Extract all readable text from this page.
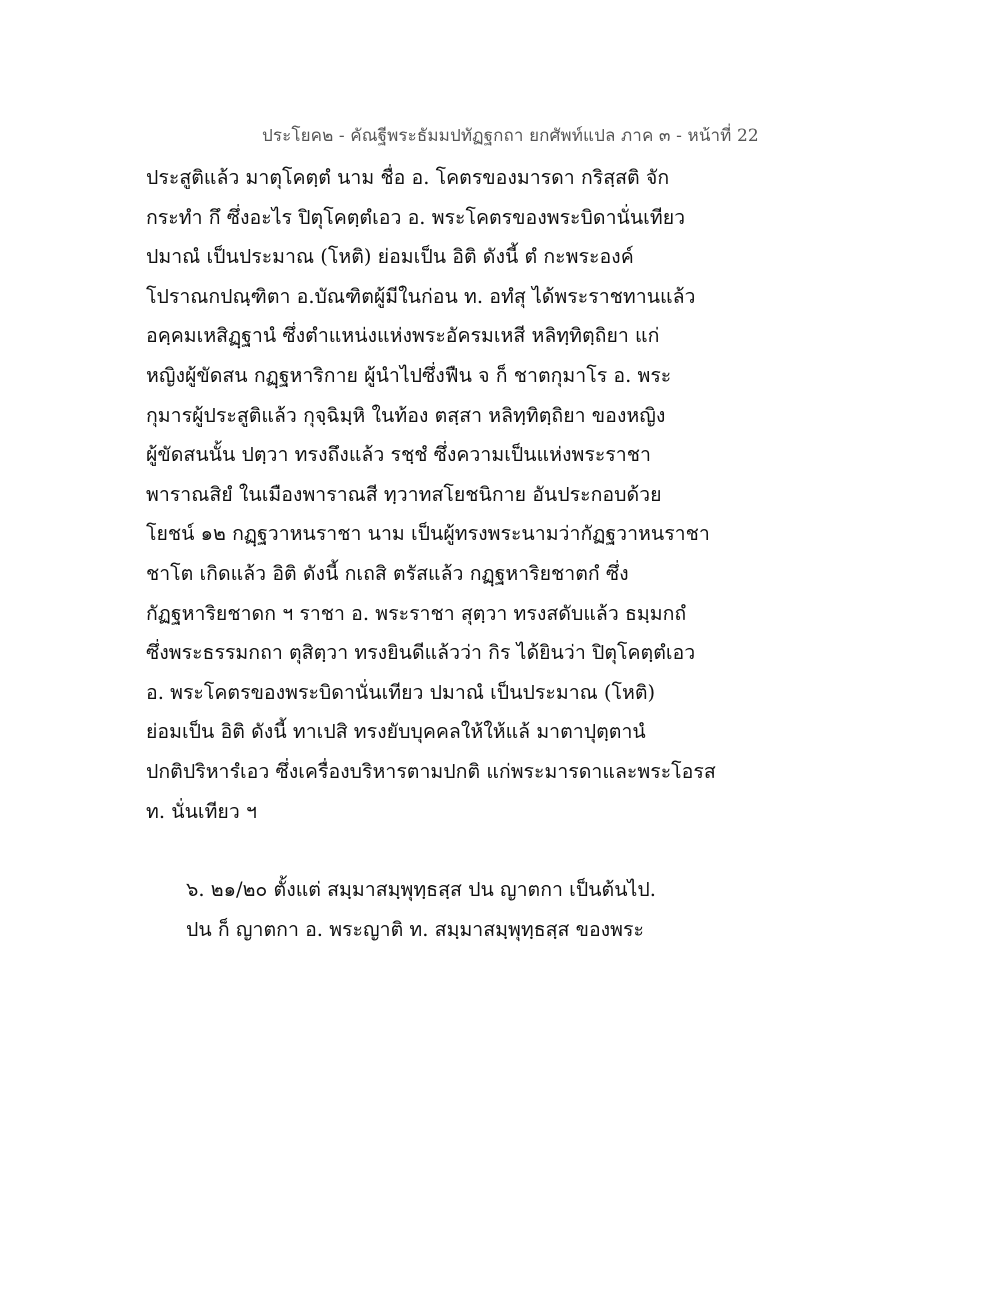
ประโยค๒ - คัณฐีพระธัมมปทัฏฐกถา ยกศัพท์แปล ภาค ๓ - หน้าที่ 22
ประสูติแล้ว มาตุโคตฺตํ นาม ชื่อ อ. โคตรของมารดา กริสฺสติ จัก
กระทำ กึ ซึ่งอะไร ปิตุโคตฺตํเอว อ. พระโคตรของพระบิดานั่นเทียว
ปมาณํ เป็นประมาณ (โหติ) ย่อมเป็น อิติ ดังนี้ ตํ กะพระองค์
โปราณกปณฺฑิตา อ.บัณฑิตผู้มีในก่อน ท. อทํสุ ได้พระราชทานแล้ว
อคฺคมเหสิฏฺฐานํ ซึ่งตำแหน่งแห่งพระอัครมเหสี หลิทฺทิตฺถิยา แก่
หญิงผู้ขัดสน กฏฺฐหาริกาย ผู้นำไปซึ่งฟืน จ ก็ ชาตกุมาโร อ. พระ
กุมารผู้ประสูติแล้ว กุจฺฉิมฺหิ ในท้อง ตสฺสา หลิทฺทิตฺถิยา ของหญิง
ผู้ขัดสนนั้น ปตฺวา ทรงถึงแล้ว รชฺชํ ซึ่งความเป็นแห่งพระราชา
พาราณสิยํ ในเมืองพาราณสี ทฺวาทสโยชนิกาย อันประกอบด้วย
โยชน์ ๑๒ กฏฺฐวาหนราชา นาม เป็นผู้ทรงพระนามว่ากัฏฐวาหนราชา
ชาโต เกิดแล้ว อิติ ดังนี้ กเถสิ ตรัสแล้ว กฏฺฐหาริยชาตกํ ซึ่ง
กัฏฐหาริยชาดก ฯ ราชา อ. พระราชา สุตฺวา ทรงสดับแล้ว ธมฺมกถํ
ซึ่งพระธรรมกถา ตุสิตฺวา ทรงยินดีแล้วว่า กิร ได้ยินว่า ปิตุโคตฺตํเอว
อ. พระโคตรของพระบิดานั่นเทียว ปมาณํ เป็นประมาณ (โหติ)
ย่อมเป็น อิติ ดังนี้ ทาเปสิ ทรงยับบุคคลให้ให้แล้ มาตาปุตฺตานํ
ปกติปริหารํเอว ซึ่งเครื่องบริหารตามปกติ แก่พระมารดาและพระโอรส
ท. นั่นเทียว ฯ
๖. ๒๑/๒๐ ตั้งแต่ สมฺมาสมฺพุทฺธสฺส ปน ญาตกา เป็นต้นไป.
ปน ก็ ญาตกา อ. พระญาติ ท. สมฺมาสมฺพุทฺธสฺส ของพระ
